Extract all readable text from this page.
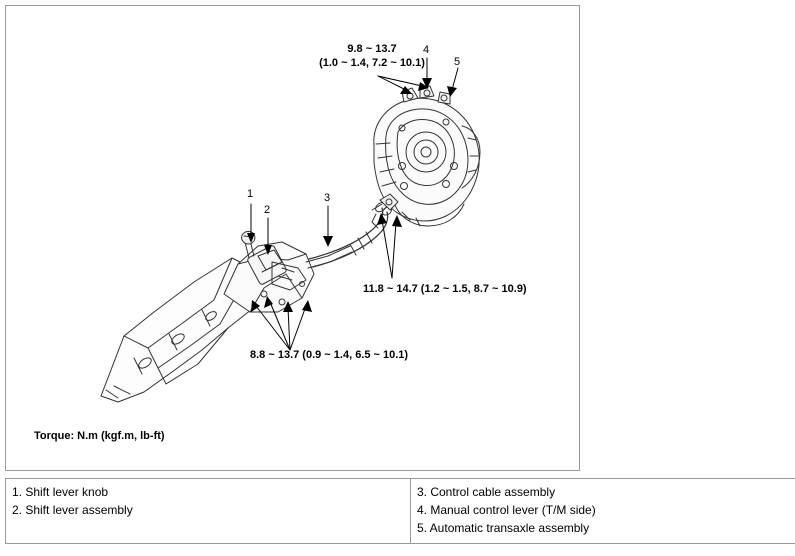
1
2
3
4
5
9.8 ~ 13.7
(1.0 ~ 1.4, 7.2 ~ 10.1)
11.8 ~ 14.7 (1.2 ~ 1.5, 8.7 ~ 10.9)
8.8 ~ 13.7 (0.9 ~ 1.4, 6.5 ~ 10.1)
Torque: N.m (kgf.m, lb-ft)
1. Shift lever knob
2. Shift lever assembly

3. Control cable assembly
4. Manual control lever (T/M side)
5. Automatic transaxle assembly
